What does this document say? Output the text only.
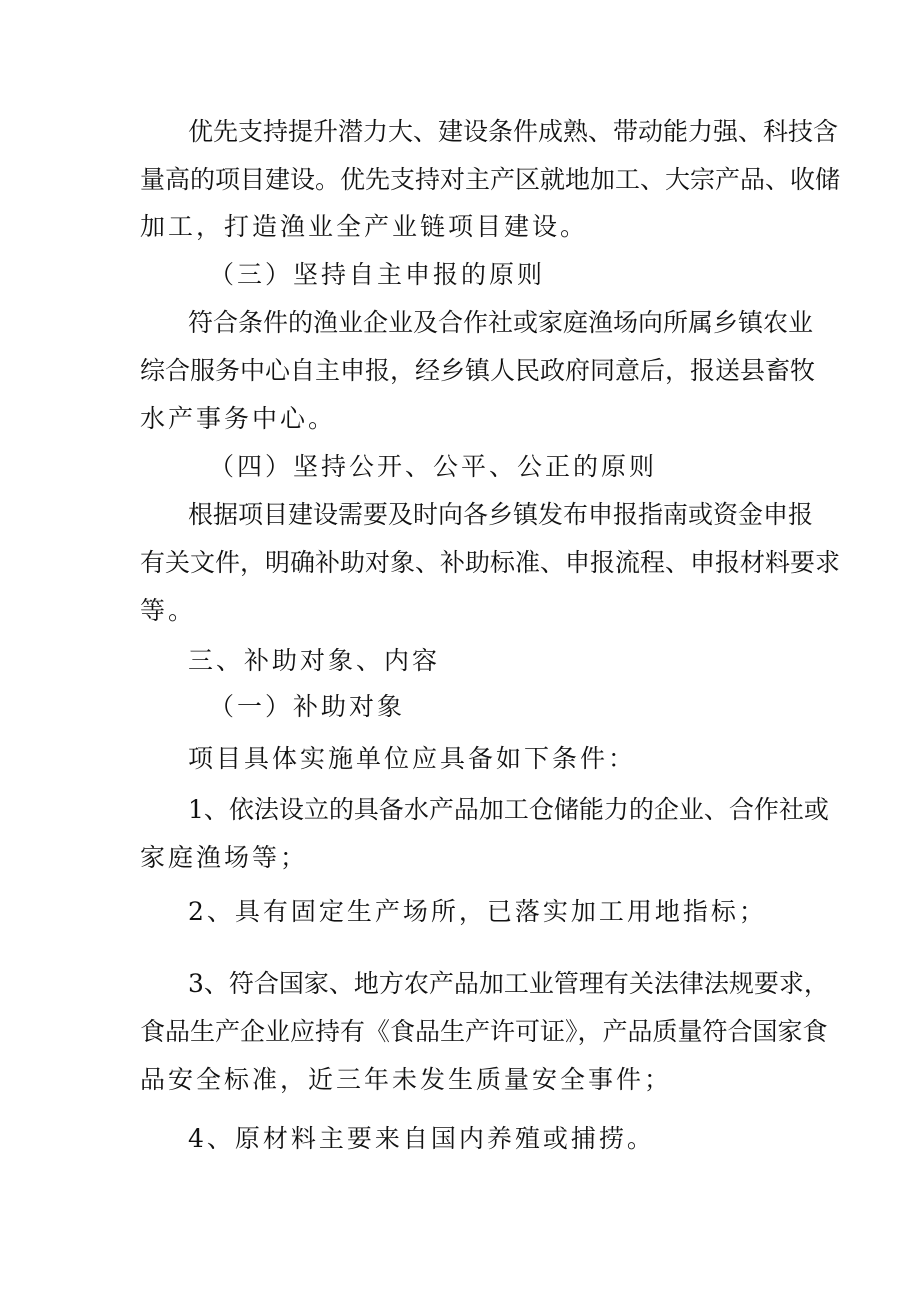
优先支持提升潜力大、建设条件成熟、带动能力强、科技含
量高的项目建设。优先支持对主产区就地加工、大宗产品、收储
加工，打造渔业全产业链项目建设。
（三）坚持自主申报的原则
符合条件的渔业企业及合作社或家庭渔场向所属乡镇农业
综合服务中心自主申报，经乡镇人民政府同意后，报送县畜牧
水产事务中心。
（四）坚持公开、公平、公正的原则
根据项目建设需要及时向各乡镇发布申报指南或资金申报
有关文件，明确补助对象、补助标准、申报流程、申报材料要求
等。
三、补助对象、内容
（一）补助对象
项目具体实施单位应具备如下条件：
1、依法设立的具备水产品加工仓储能力的企业、合作社或
家庭渔场等；
2、具有固定生产场所，已落实加工用地指标；
3、符合国家、地方农产品加工业管理有关法律法规要求，
食品生产企业应持有《食品生产许可证》，产品质量符合国家食
品安全标准，近三年未发生质量安全事件；
4、原材料主要来自国内养殖或捕捞。
